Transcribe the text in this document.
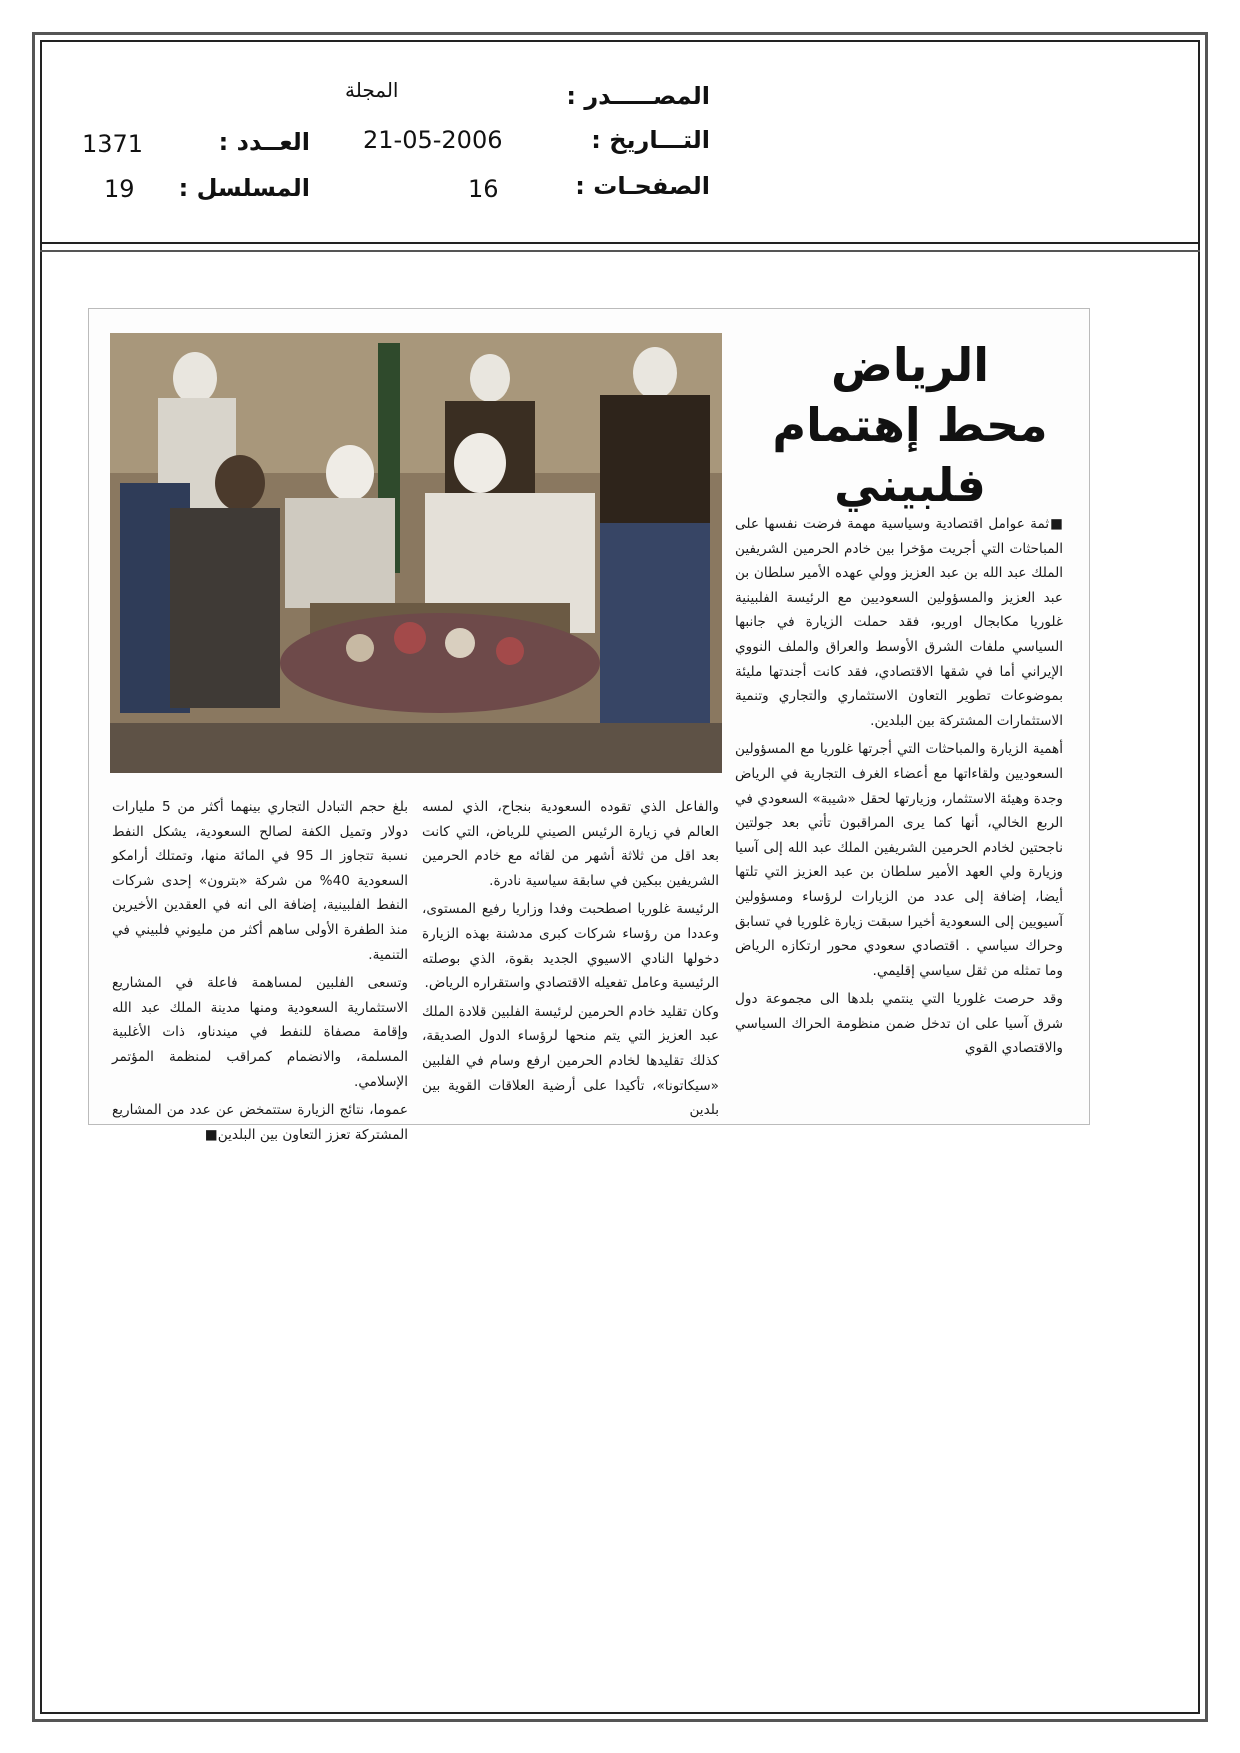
المجلة	المصـــــدر :
التـــاريخ :
الصفحـات :
21-05-2006
16
العــدد :
المسلسل :
1371
19
الرياض
محط إهتمام
فلبيني

■ثمة عوامل اقتصادية وسياسية مهمة فرضت نفسها على المباحثات التي أجريت مؤخرا بين خادم الحرمين الشريفين الملك عبد الله بن عبد العزيز وولي عهده الأمير سلطان بن عبد العزيز والمسؤولين السعوديين مع الرئيسة الفلبينية غلوريا مكابجال اوريو، فقد حملت الزيارة في جانبها السياسي ملفات الشرق الأوسط والعراق والملف النووي الإيراني أما في شقها الاقتصادي، فقد كانت أجندتها مليئة بموضوعات تطوير التعاون الاستثماري والتجاري وتنمية الاستثمارات المشتركة بين البلدين.

أهمية الزيارة والمباحثات التي أجرتها غلوريا مع المسؤولين السعوديين ولقاءاتها مع أعضاء الغرف التجارية في الرياض وجدة وهيئة الاستثمار، وزيارتها لحقل «شيبة» السعودي في الربع الخالي، أنها كما يرى المراقبون تأتي بعد جولتين ناجحتين لخادم الحرمين الشريفين الملك عبد الله إلى آسيا وزيارة ولي العهد الأمير سلطان بن عبد العزيز التي تلتها أيضا، إضافة إلى عدد من الزيارات لرؤساء ومسؤولين آسيويين إلى السعودية أخيرا سبقت زيارة غلوريا في تسابق وحراك سياسي . اقتصادي سعودي محور ارتكازه الرياض وما تمثله من ثقل سياسي إقليمي.

وقد حرصت غلوريا التي ينتمي بلدها الى مجموعة دول شرق آسيا على ان تدخل ضمن منظومة الحراك السياسي والاقتصادي القوي

والفاعل الذي تقوده السعودية بنجاح، الذي لمسه العالم في زيارة الرئيس الصيني للرياض، التي كانت بعد اقل من ثلاثة أشهر من لقائه مع خادم الحرمين الشريفين ببكين في سابقة سياسية نادرة.

الرئيسة غلوريا اصطحبت وفدا وزاريا رفيع المستوى، وعددا من رؤساء شركات كبرى مدشنة بهذه الزيارة دخولها النادي الاسيوي الجديد بقوة، الذي بوصلته الرئيسية وعامل تفعيله الاقتصادي واستقراره الرياض.

وكان تقليد خادم الحرمين لرئيسة الفلبين قلادة الملك عبد العزيز التي يتم منحها لرؤساء الدول الصديقة، كذلك تقليدها لخادم الحرمين ارفع وسام في الفلبين «سيكاتونا»، تأكيدا على أرضية العلاقات القوية بين بلدين

بلغ حجم التبادل التجاري بينهما أكثر من 5 مليارات دولار وتميل الكفة لصالح السعودية، يشكل النفط نسبة تتجاوز الـ 95 في المائة منها، وتمتلك أرامكو السعودية 40% من شركة «بترون» إحدى شركات النفط الفلبينية، إضافة الى انه في العقدين الأخيرين منذ الطفرة الأولى ساهم أكثر من مليوني فلبيني في التنمية.

وتسعى الفلبين لمساهمة فاعلة في المشاريع الاستثمارية السعودية ومنها مدينة الملك عبد الله وإقامة مصفاة للنفط في ميندناو، ذات الأغلبية المسلمة، والانضمام كمراقب لمنظمة المؤتمر الإسلامي.

عموما، نتائج الزيارة ستتمخض عن عدد من المشاريع المشتركة تعزز التعاون بين البلدين■
